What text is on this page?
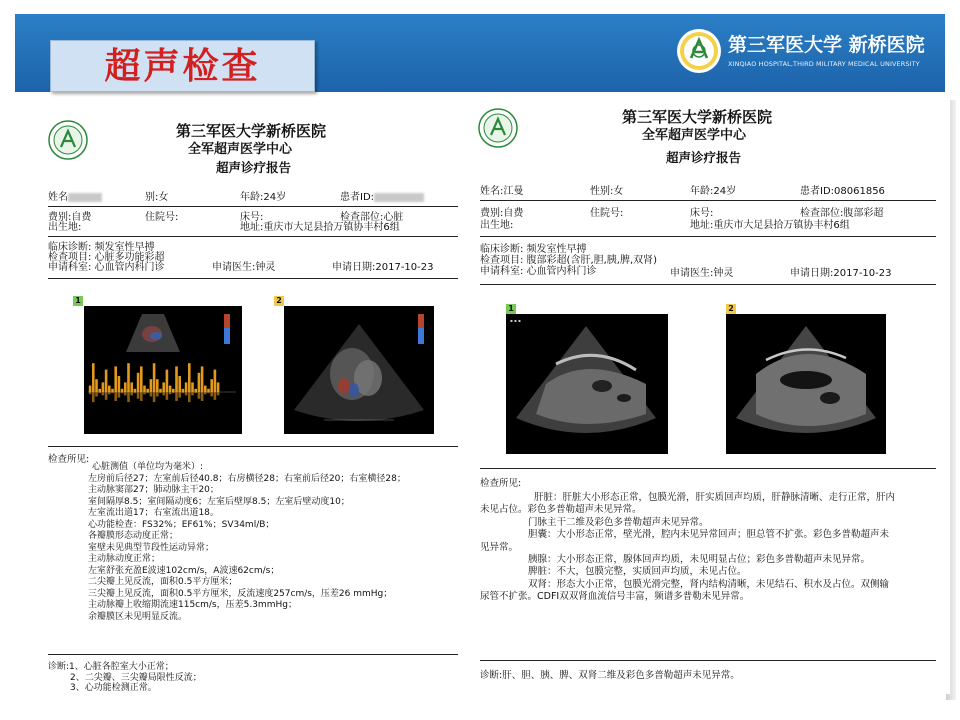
超声检查	第三军医大学 新桥医院
XINQIAO HOSPITAL,THIRD MILITARY MEDICAL UNIVERSITY
第三军医大学新桥医院
全军超声医学中心
超声诊疗报告
姓名	别:女	年龄:24岁	患者ID:
费别:自费	住院号:	床号:	检查部位:心脏
出生地:	地址:重庆市大足县拾万镇协丰村6组
临床诊断: 频发室性早搏
检查项目: 心脏多功能彩超
申请科室: 心血管内科门诊	申请医生:钟灵	申请日期:2017-10-23
1	2
检查所见:
心脏测值（单位均为毫米）:
左房前后径27；左室前后径40.8；右房横径28；右室前后径20；右室横径28；
主动脉窦部27；肺动脉主干20；
室间隔厚8.5；室间隔动度6；左室后壁厚8.5；左室后壁动度10；
左室流出道17；右室流出道18。
心功能检查：FS32%；EF61%；SV34ml/B；
各瓣膜形态动度正常；
室壁未见典型节段性运动异常；
主动脉动度正常；
左室舒张充盈E波速102cm/s，A波速62cm/s；
二尖瓣上见反流，面积0.5平方厘米；
三尖瓣上见反流，面积0.5平方厘米，反流速度257cm/s，压差26 mmHg；
主动脉瓣上收缩期流速115cm/s，压差5.3mmHg；
余瓣膜区未见明显反流。
诊断:1、心脏各腔室大小正常；
2、二尖瓣、三尖瓣局限性反流；
3、心功能检测正常。
第三军医大学新桥医院
全军超声医学中心
超声诊疗报告
姓名:江曼	性别:女	年龄:24岁	患者ID:08061856
费别:自费	住院号:	床号:	检查部位:腹部彩超
出生地:	地址:重庆市大足县拾万镇协丰村6组
临床诊断: 频发室性早搏
检查项目: 腹部彩超(含肝,胆,胰,脾,双肾)
申请科室: 心血管内科门诊	申请医生:钟灵	申请日期:2017-10-23
1
▪ ▪ ▪
2
检查所见:
肝脏：肝脏大小形态正常，包膜光滑，肝实质回声均质，肝静脉清晰、走行正常，肝内
未见占位。彩色多普勒超声未见异常。
门脉主干二维及彩色多普勒超声未见异常。
胆囊：大小形态正常，壁光滑，腔内未见异常回声；胆总管不扩张。彩色多普勒超声未
见异常。
胰腺：大小形态正常，腺体回声均质，未见明显占位；彩色多普勒超声未见异常。
脾脏：不大，包膜完整，实质回声均质，未见占位。
双肾：形态大小正常，包膜光滑完整，肾内结构清晰，未见结石、积水及占位。双侧输
尿管不扩张。CDFI双双肾血流信号丰富，频谱多普勒未见异常。
诊断:肝、胆、胰、脾、双肾二维及彩色多普勒超声未见异常。
